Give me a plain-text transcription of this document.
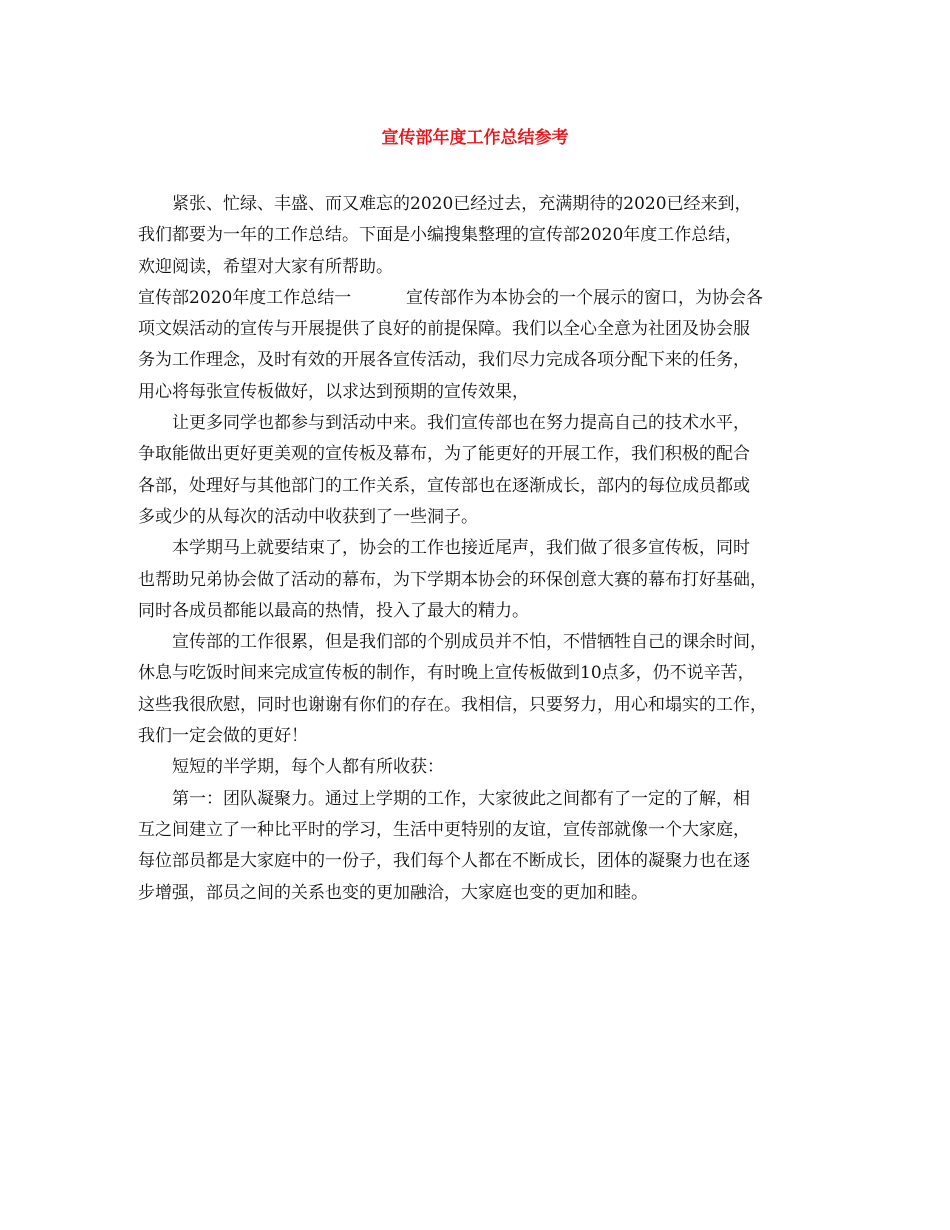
宣传部年度工作总结参考
紧张、忙绿、丰盛、而又难忘的2020已经过去，充满期待的2020已经来到，
我们都要为一年的工作总结。下面是小编搜集整理的宣传部2020年度工作总结，
欢迎阅读，希望对大家有所帮助。
宣传部2020年度工作总结一	宣传部作为本协会的一个展示的窗口，为协会各
项文娱活动的宣传与开展提供了良好的前提保障。我们以全心全意为社团及协会服
务为工作理念，及时有效的开展各宣传活动，我们尽力完成各项分配下来的任务，
用心将每张宣传板做好，以求达到预期的宣传效果，
让更多同学也都参与到活动中来。我们宣传部也在努力提高自己的技术水平，
争取能做出更好更美观的宣传板及幕布，为了能更好的开展工作，我们积极的配合
各部，处理好与其他部门的工作关系，宣传部也在逐渐成长，部内的每位成员都或
多或少的从每次的活动中收获到了一些洞子。
本学期马上就要结束了，协会的工作也接近尾声，我们做了很多宣传板，同时
也帮助兄弟协会做了活动的幕布，为下学期本协会的环保创意大赛的幕布打好基础，
同时各成员都能以最高的热情，投入了最大的精力。
宣传部的工作很累，但是我们部的个别成员并不怕，不惜牺牲自己的课余时间，
休息与吃饭时间来完成宣传板的制作，有时晚上宣传板做到10点多，仍不说辛苦，
这些我很欣慰，同时也谢谢有你们的存在。我相信，只要努力，用心和塌实的工作，
我们一定会做的更好！
短短的半学期，每个人都有所收获：
第一：团队凝聚力。通过上学期的工作，大家彼此之间都有了一定的了解，相
互之间建立了一种比平时的学习，生活中更特别的友谊，宣传部就像一个大家庭，
每位部员都是大家庭中的一份子，我们每个人都在不断成长，团体的凝聚力也在逐
步增强，部员之间的关系也变的更加融洽，大家庭也变的更加和睦。
